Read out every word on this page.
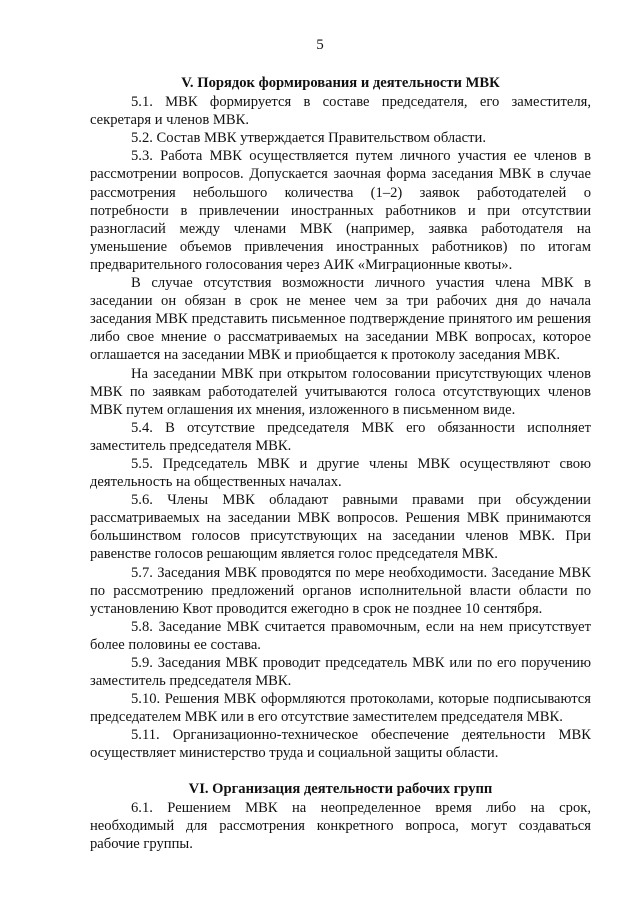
5
V. Порядок формирования и деятельности МВК

5.1. МВК формируется в составе председателя, его заместителя, секретаря и членов МВК.

5.2. Состав МВК утверждается Правительством области.

5.3. Работа МВК осуществляется путем личного участия ее членов в рассмотрении вопросов. Допускается заочная форма заседания МВК в случае рассмотрения небольшого количества (1–2) заявок работодателей о потребности в привлечении иностранных работников и при отсутствии разногласий между членами МВК (например, заявка работодателя на уменьшение объемов привлечения иностранных работников) по итогам предварительного голосования через АИК «Миграционные квоты».

В случае отсутствия возможности личного участия члена МВК в заседании он обязан в срок не менее чем за три рабочих дня до начала заседания МВК представить письменное подтверждение принятого им решения либо свое мнение о рассматриваемых на заседании МВК вопросах, которое оглашается на заседании МВК и приобщается к протоколу заседания МВК.

На заседании МВК при открытом голосовании присутствующих членов МВК по заявкам работодателей учитываются голоса отсутствующих членов МВК путем оглашения их мнения, изложенного в письменном виде.

5.4. В отсутствие председателя МВК его обязанности исполняет заместитель председателя МВК.

5.5. Председатель МВК и другие члены МВК осуществляют свою деятельность на общественных началах.

5.6. Члены МВК обладают равными правами при обсуждении рассматриваемых на заседании МВК вопросов. Решения МВК принимаются большинством голосов присутствующих на заседании членов МВК. При равенстве голосов решающим является голос председателя МВК.

5.7. Заседания МВК проводятся по мере необходимости. Заседание МВК по рассмотрению предложений органов исполнительной власти области по установлению Квот проводится ежегодно в срок не позднее 10 сентября.

5.8. Заседание МВК считается правомочным, если на нем присутствует более половины ее состава.

5.9. Заседания МВК проводит председатель МВК или по его поручению заместитель председателя МВК.

5.10. Решения МВК оформляются протоколами, которые подписываются председателем МВК или в его отсутствие заместителем председателя МВК.

5.11. Организационно-техническое обеспечение деятельности МВК осуществляет министерство труда и социальной защиты области.

VI. Организация деятельности рабочих групп

6.1. Решением МВК на неопределенное время либо на срок, необходимый для рассмотрения конкретного вопроса, могут создаваться рабочие группы.
